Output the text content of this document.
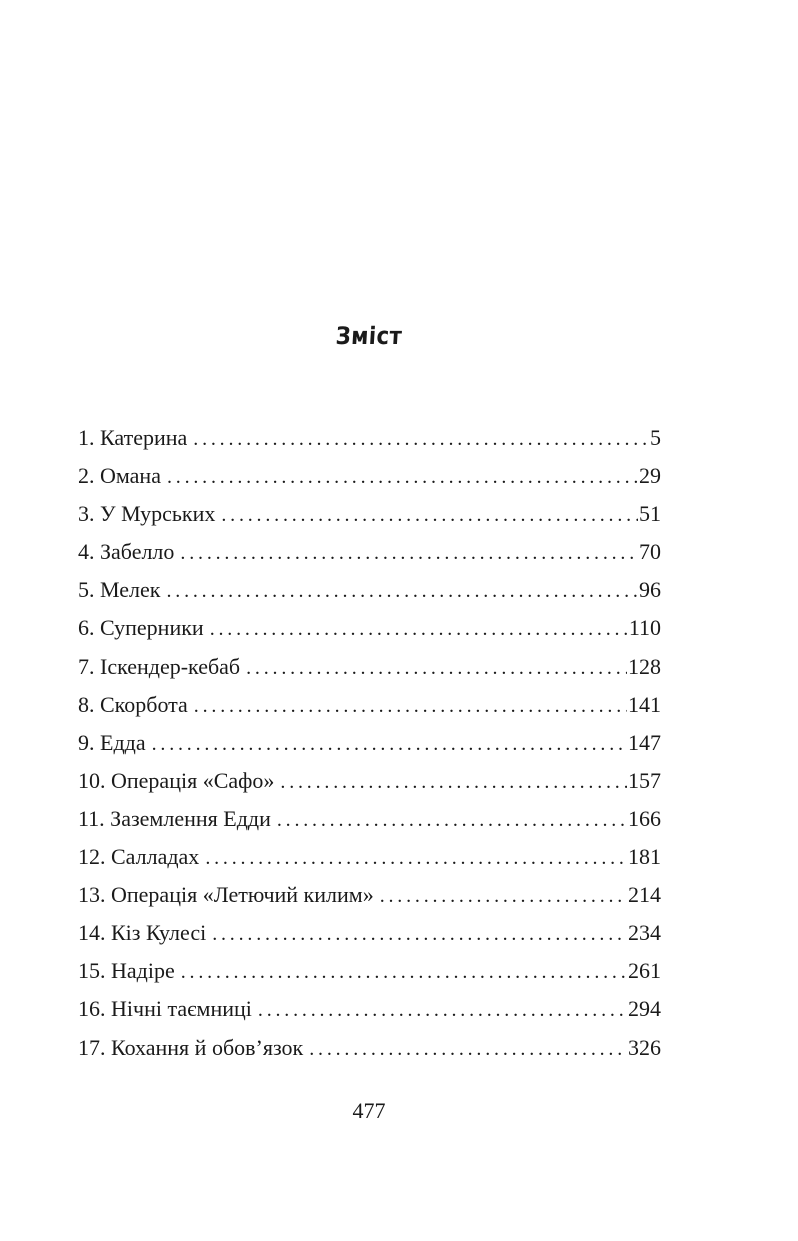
Зміст
1. Катерина . . .	5
2. Омана . . .	29
3. У Мурських . . .	51
4. Забелло . . .	70
5. Мелек . . .	96
6. Суперники . . .	110
7. Іскендер-кебаб . . .	128
8. Скорбота . . .	141
9. Едда . . .	147
10. Операція «Сафо» . . .	157
11. Заземлення Едди . . .	166
12. Салладах . . .	181
13. Операція «Летючий килим» . . .	214
14. Кіз Кулесі . . .	234
15. Надіре . . .	261
16. Нічні таємниці . . .	294
17. Кохання й обов’язок . . .	326

477
